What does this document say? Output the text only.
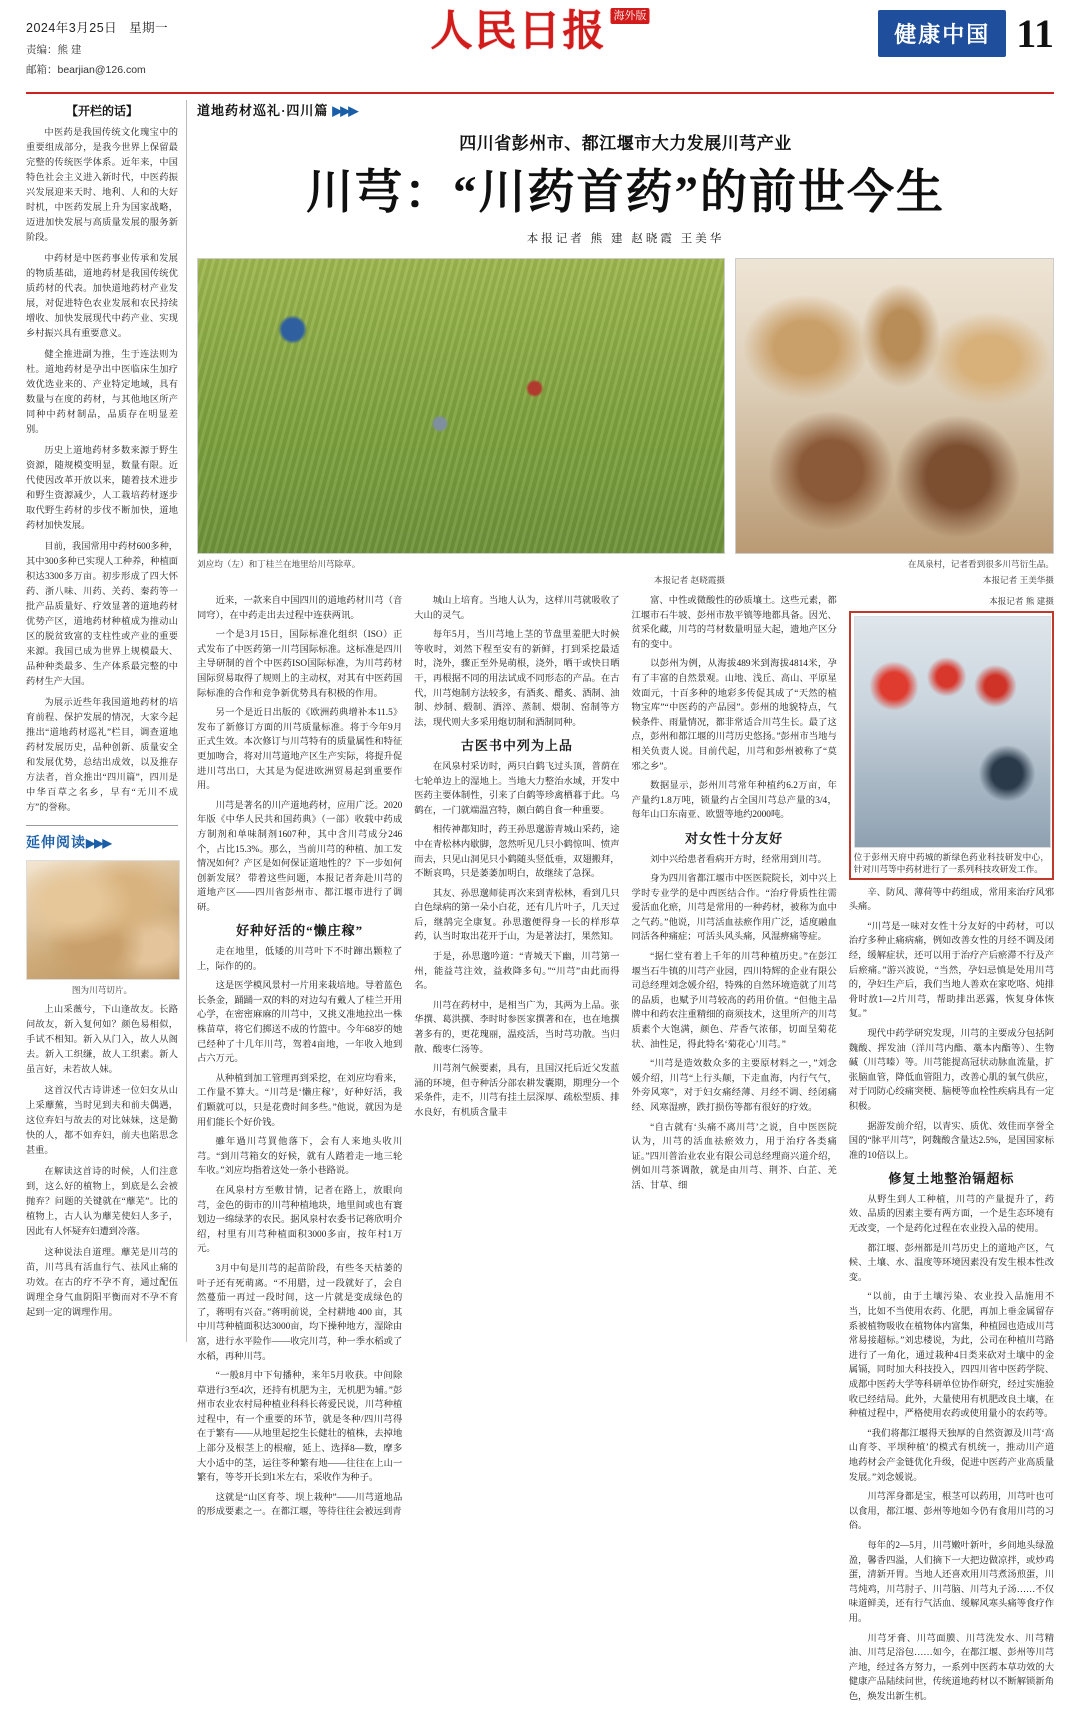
2024年3月25日 星期一
责编：熊 建
邮箱：bearjian@126.com
人民日报 海外版
健康中国 11
【开栏的话】

中医药是我国传统文化瑰宝中的重要组成部分，是我今世界上保留最完整的传统医学体系。近年来，中国特色社会主义进入新时代，中医药振兴发展迎来天时、地利、人和的大好时机，中医药发展上升为国家战略，迈进加快发展与高质量发展的服务新阶段。

中药材是中医药事业传承和发展的物质基础，道地药材是我国传统优质药材的代表。加快道地药材产业发展，对促进特色农业发展和农民持续增收、加快发展现代中药产业、实现乡村振兴具有重要意义。

健全推进副为推，生于连法则为杜。道地药材是孕出中医临床生加疗效优选业来的、产业特定地域，具有数量与在度的药材，与其他地区所产同种中药材制品，品质存在明显差别。

历史上道地药材多数来源于野生资源，随规模变明显，数量有限。近代使因改革开放以来，随着技术进步和野生资源减少，人工栽培药材逐步取代野生药材的步伐不断加快，道地药材加快发展。

目前，我国常用中药材600多种，其中300多种已实现人工种养，种植面积达3300多万亩。初步形成了四大怀药、浙八味、川药、关药、秦药等一批产品质量好、疗效显著的道地药材优势产区，道地药材种植成为推动山区的脱贫致富的支柱性或产业的重要来源。我国已成为世界上规模最大、品种种类最多、生产体系最完整的中药材生产大国。

为展示近些年我国道地药材的培育前程、保护发展的情况，大家今起推出“道地药材巡礼”栏目，调查道地药材发展历史，品种创新、质量安全和发展优势，总结出成效，以及推存方法者，首众推出“四川篇”，四川是中华百草之名乡，早有“无川不成方”的誉称。

延伸阅读▶▶▶
图为川芎切片。

上山采薇兮，下山逢故友。长路问故友，新入复何如？颜色易相似，手试不相知。新入从门入，故人从阁去。新入工织缣，故人工织素。新人虽言好，未若故人妹。

这首汉代古诗讲述一位妇女从山上采蘼蕪，当时见到夫和前夫偶遇，这位弃妇与故去的对比妹妹，这是勤快的人，都不如弃妇，前夫也陷思念甚重。

在解读这首诗的时候，人们注意到，这么好的植物上，到底是么会被抛弃？问题的关键就在“蘼芜”。比的植物上，古人认为蘼芜使妇人多子，因此有人怀疑弃妇遭到冷落。

这种说法自道理。蘼芜是川芎的苗，川芎具有活血行气、祛风止痛的功效。在古的疗不孕不育，通过配伍调理全身气血阴阳平衡而对不孕不育起到一定的调理作用。

道地药材巡礼·四川篇 ▶▶▶
四川省彭州市、都江堰市大力发展川芎产业
川芎：“川药首药”的前世今生
本报记者 熊 建 赵晓霞 王美华
刘应均（左）和丁桂兰在地里给川芎除草。	在凤泉村，记者看到很多川芎衍生品。
本报记者 赵晓霞摄	本报记者 王美华摄

近来，一款来自中国四川的道地药材川芎（音同穹），在中药走出去过程中连获两讯。

一个是3月15日，国际标准化组织（ISO）正式发布了中医药第一川芎国际标准。这标准是四川主导研制的首个中医药ISO国际标准，为川芎药材国际贸易取得了规则上的主动权，对其有中医药国际标准的合作和竞争新优势具有积极的作用。

另一个是近日出版的《欧洲药典增补本11.5》发布了新修订方面的川芎质量标准。将于今年9月正式生效。本次修订与川芎特有的质量属性和特征更加吻合，将对川芎道地产区生产实际，将提升促进川芎出口，大其是为促进欧洲贸易起到重要作用。

川芎是著名的川产道地药材，应用广泛。2020年版《中华人民共和国药典》（一部）收载中药成方制剂和单味制剂1607种，其中含川芎成分246个，占比15.3%。那么，当前川芎的种植、加工发情况如何？产区是如何保证道地性的？下一步如何创新发展？ 带着这些问题，本报记者奔赴川芎的道地产区——四川省彭州市、都江堰市进行了调研。

好种好活的“懒庄稼”

走在地里，低矮的川芎叶下不时蹿出颗粒了上，际作的的。

这是医学模风景村一片用来栽培地。导着蓝色长条金，踊踊一双的料的对边勾有戴人了桂兰开用心学，在密密麻麻的川芎中，又挑义准地拉出一株株苗草，将它们掷送不成的竹篮中。今年68岁的她已经种了十几年川芎，驾着4亩地，一年收入地到占六万元。

从种植到加工管理再到采挖，在刘应均看来，工作量不算大。“川芎是‘懒庄稼’，好种好活，我们颗就可以，只是花费时间多些。”他说，就因为是用们能长个好价钱。

雖年過川芎買他落下，会有人来地头收川芎。“到川芎箱女的好候，就有人踏着走一地三轮车收。”刘应均指着这处一条小巷路说。

在风泉村方至敷甘情，记者在路上，放眼向芎，金色的街市的川芎种植地块，地里间或也有寰划边一绵绿茅的农民。据风泉村农委书记蒋欣明介绍，村里有川芎种植面积3000多亩，按年村1万元。

3月中旬是川芎的起苗阶段，有些冬天枯萎的叶子还有死萌离。“不用腊，过一段就好了，会自然蔓茄一再过一段时间，这一片就是变成绿色的了，蒋明有兴奋。”蒋明前说，全村耕地 400 亩，其中川芎种植面积达3000亩，均下操种地方，湿除由富，进行水平险作——收完川芎，种一季水稻或了水稻，再种川芎。

“一般8月中下旬播种，来年5月收获。中间除草进行3至4次，还持有机肥为主，无机肥为辅。”彭州市农业农村局种植业科科长蒋爱民说，川芎种植过程中，有一个重要的环节，就是冬种/四川芎得在于繁有——从地里起挖生长健壮的植株，去掉地上部分及根茎上的根瘤，延上、选择8—数，摩多大小适中的茎，运往苓种繁有地——往往在上山一 繁有，等苓开长到1米左右，采收作为种子。

这就是“山区育苓、坝上栽种”——川芎道地品的形成要素之一。在都江堰，等待往往会被远到青

城山上培育。当地人认为，这样川芎就吸收了大山的灵气。

每年5月，当川芎地上茎的节盘里羞肥大时候等收时，刘然下程至安有的新鲜，打到采挖最适时，浇外，骤正至外晃萌根，浇外，晒干或快日晒干，再根据不同的用法试成不同形态的产品。在古代，川芎炮制方法较多，有酒炙、醋炙、酒制、油制、炒制、煅制、酒淬、蒸制、煨制、窑制等方法，现代则大多采用炮切制和酒制同种。

古医书中列为上品

在风泉村采访时，两只白鹤飞过头顶，普荫在七轮单边上的湿地上。当地大力整治水域，开发中医药主要体制性，引来了白鹤等珍禽栖暮于此。乌鹤在，一门就端温宫特，颇白鹤自食一种重要。

相传神都知时，药王孙思邈游青城山采药，途中在青松林内歇脚，忽然听见几只小鹤惊叫、愤声而去，只见山洞见只小鹤随头竖低垂，双翅搬拜，不断哀鸣，只是萎萎加明白，故继续了急探。

其友、孙思邈师徒再次来到青松林，看到几只白色绿病的第一朵小白花，还有几片叶子，几天过后，继鹄完全康复。孙思邈便得身一长的样形草药，认当时取出花开于山，为是著法打，果然知。

于是，孙思邈吟道：“青城天下幽，川芎第一州，能益芎注效，益救降多旬。”“川芎”由此而得名。

川芎在药材中，是相当广为，其两为上品。张华撰、葛洪撰、李时时参医家撰著和在，也在地撰著多有的，更花瑰丽，温疫活，当时芎功散。当归散、酸枣仁汤等。

川芎剂气候要素，具有，且国汉托后近父发蓝涌的环境，但寺种活分部农耕发囊期，期理分一个采条件，走不，川芎有挂土层深厚、疏松型质、排水良好，有机质含量丰

富、中性或微酸性的砂质壤土。这些元素，都江堰市石牛坡、彭州市敖平镇等地都具备。因光、贫采化藏，川芎的芎材数量明显大起，遗地产区分有的变中。

以彭州为例，从海拔489米到海拔4814米，孕有了丰富的自然景观。山地、浅丘、高山、平原星效面元，十百多种的地彩多传促其成了“天然的植物宝库”“中医药的产品园”。彭州的地貌特点，气候条件、雨量情况，都非常适合川芎生长。最了这点，彭州和都江堰的川芎历史悠扬。”彭州市当地与相关负责人说。目前代起，川芎和彭州被称了“莫邪之乡”。

数据显示，彭州川芎常年种植约6.2万亩，年产量约1.8万吨，锁量约占全国川芎总产量的3/4，每年山口东南亚、欧盟等地约2000吨。

对女性十分友好

刘中兴给患者看病开方时，经常用到川芎。

身为四川省都江堰市中医医院院长，刘中兴上学时专业学的是中西医结合作。“治疗骨质性往需爱活血化瘀，川芎是常用的一种药材，被称为血中之气药。”他说，川芎活血祛瘀作用广泛，适度融血同活各种痛症；可活头风头痛，风湿痹痛等症。

“据仁堂有着上千年的川芎种植历史。”在彭江堰当石牛镇的川芎产业园，四川特辉的企业有限公司总经理刘念媛介绍，特殊的自然环境造就了川芎的品质，也赋予川芎较高的药用价值。“但他主品牌中和药农注重精细的商须技术，这里所产的川芎质素个大饱满，颜色、芹香气浓郁，切面呈菊花状、油性足，得此特名‘菊花心’川芎。”

“川芎是造效数众多的主要原材料之一，”刘念媛介绍，川芎“上行头颠，下走血海，内行气气，外旁风寒”，对于妇女痛经薄、月经不调、经闭痛经、风寒湿痹，跌打损伤等都有很好的疗效。

“自古就有‘头痛不离川芎’之说，自中医医院认为，川芎的活血祛瘀效力，用于治疗各类痛证。”四川普治业农业有限公司总经理商兴道介绍，例如川芎茶调散，就是由川芎、荆芥、白芷、羌活、甘草、细

本报记者 熊 建摄
位于彭州天府中药城的新绿色药业科技研发中心，针对川芎等中药材进行了一系列科技攻研发工作。

辛、防风、薄荷等中药组成，常用来治疗风邪头痛。

“川芎是一味对女性十分友好的中药材，可以治疗多种止痛病痛，例如改善女性的月经不调及闭经，缓解症状，还可以用于治疗产后瘀滞不行及产后瘀痛。”游兴波说，“当然，孕妇忌慎是处用川芎的，孕妇生产后，我们当地人善欢在家吃咯、炖排骨时放1—2片川芎，帮助排出恶露，恢复身体恢复。”

现代中药学研究发现，川芎的主要成分包括阿魏酸、挥发油（洋川芎内酯、藁本内酯等）、生物碱（川芎嗪）等。川芎能提高冠状动脉血流量，扩张脑血管，降低血管阻力，改善心肌的氧气供应，对于同防心绞痛突梗、脑梗等血栓性疾病具有一定积极。

据游发前介绍，以青实、质优、效佳而享誉全国的“脉平川芎”，阿魏酸含量达2.5%，是国国家标准的10倍以上。

修复土地整治镉超标

从野生到人工种植，川芎的产量提升了，药效、品质的因素主要有两方面，一个是生态环境有无改变，一个是药化过程在农业投入品的使用。

都江堰、彭州都是川芎历史上的道地产区，气候、土壤、水、温度等环境因素没有发生根本性改变。

“以前，由于土壤污染、农业投入品施用不当，比如不当使用农药、化肥，再加上垂金属留存系被植物吸收在植物体内富集，种植园也造成川芎常易接超标。”刘忠楼说，为此，公司在种植川芎路进行了一角化，通过栽种4日类来砍对土壤中的金属镉，同时加大科技投入，四四川省中医药学院、成都中医药大学等科研单位协作研究，经过实施验收已经结局。此外，大量使用有机肥改良土壤，在种植过程中，严格使用农药或使用量小的农药等。

“我们将都江堰得天独厚的自然资源及川芎‘高山育苓、平坝种植’的模式有机统一，推动川产道地药材会产金链优化升级，促进中医药产业高质量发展。”刘念媛说。

川芎浑身都是宝，根茎可以药用，川芎叶也可以食用，都江堰、彭州等地如今仍有食用川芎的习俗。

每年的2—5月，川芎嫩叶新叶，乡间地头绿盈盈，馨香四溢，人们摘下一大把边做凉拌，或炒鸡蛋，清新开胃。当地人还喜欢用川芎煮汤煎蛋，川芎炖鸡，川芎肘子、川芎脑、川芎丸子汤……不仅味道鲜美，还有行气活血、缓解风寒头痛等食疗作用。

川芎牙膏、川芎面膜、川芎洗发水、川芎精油、川芎足浴包……如今，在都江堰、彭州等川芎产地，经过各方努力，一系列中医药本草功效的大健康产品陆续问世，传统道地药材以不断解锁新角色，焕发出新生机。
